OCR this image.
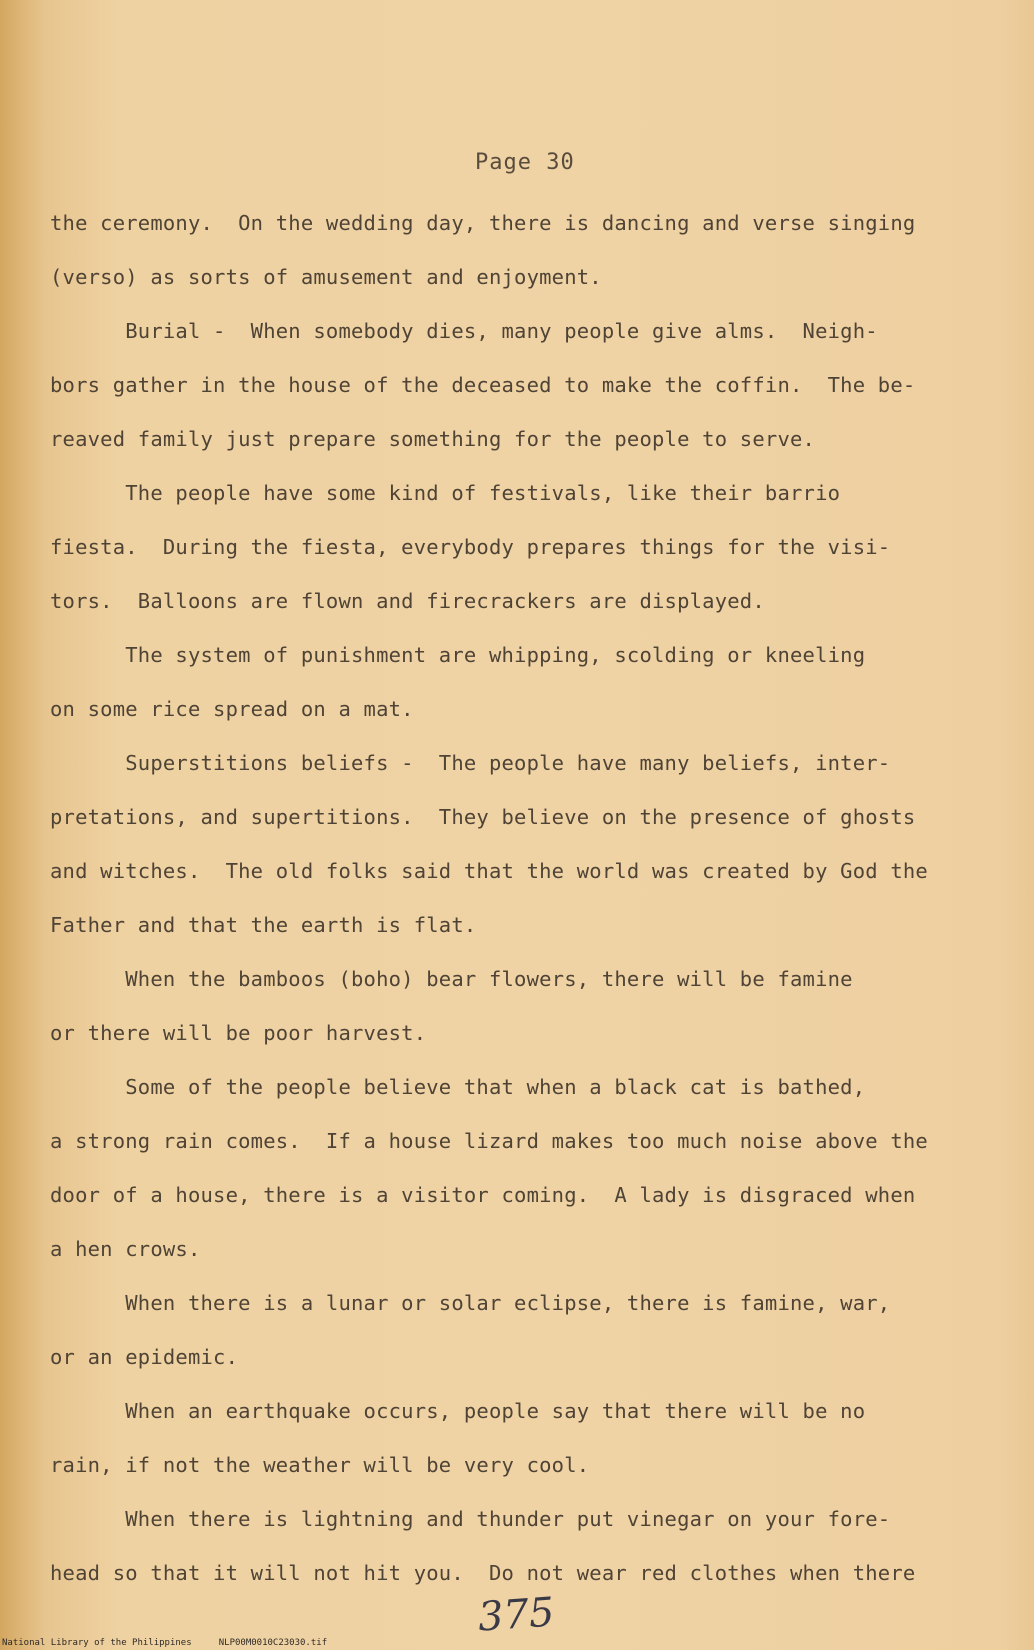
Page 30
the ceremony.  On the wedding day, there is dancing and verse singing
(verso) as sorts of amusement and enjoyment.
Burial -  When somebody dies, many people give alms.  Neigh-
bors gather in the house of the deceased to make the coffin.  The be-
reaved family just prepare something for the people to serve.
The people have some kind of festivals, like their barrio
fiesta.  During the fiesta, everybody prepares things for the visi-
tors.  Balloons are flown and firecrackers are displayed.
The system of punishment are whipping, scolding or kneeling
on some rice spread on a mat.
Superstitions beliefs -  The people have many beliefs, inter-
pretations, and supertitions.  They believe on the presence of ghosts
and witches.  The old folks said that the world was created by God the
Father and that the earth is flat.
When the bamboos (boho) bear flowers, there will be famine
or there will be poor harvest.
Some of the people believe that when a black cat is bathed,
a strong rain comes.  If a house lizard makes too much noise above the
door of a house, there is a visitor coming.  A lady is disgraced when
a hen crows.
When there is a lunar or solar eclipse, there is famine, war,
or an epidemic.
When an earthquake occurs, people say that there will be no
rain, if not the weather will be very cool.
When there is lightning and thunder put vinegar on your fore-
head so that it will not hit you.  Do not wear red clothes when there
375
National Library of the Philippines     NLP00M0010C23030.tif
